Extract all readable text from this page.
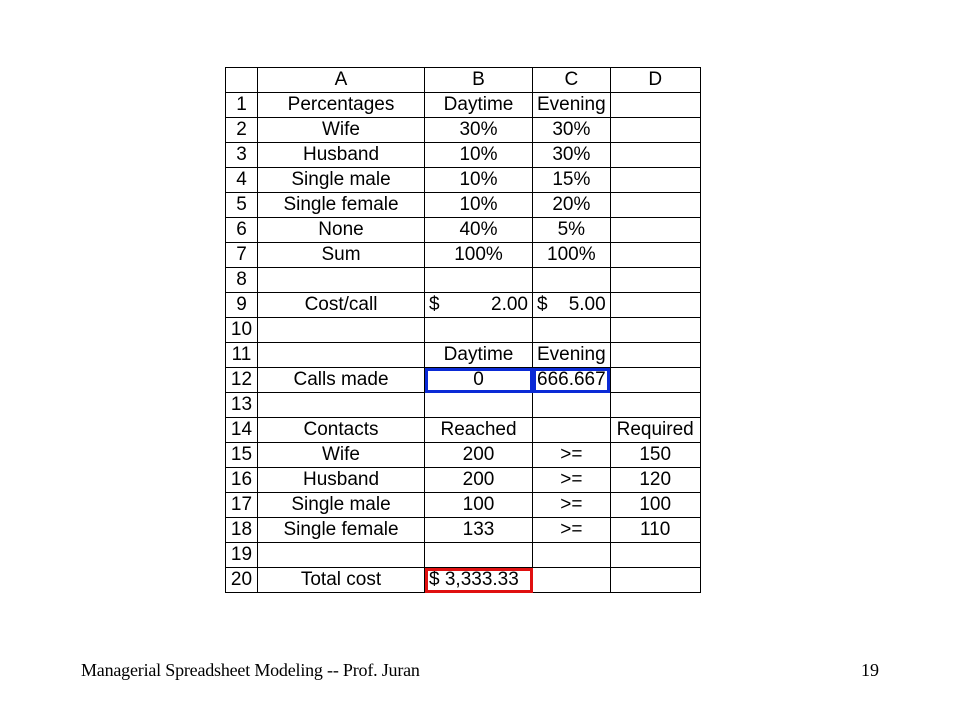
	A	B	C	D
1	Percentages	Daytime	Evening	
2	Wife	30%	30%	
3	Husband	10%	30%	
4	Single male	10%	15%	
5	Single female	10%	20%	
6	None	40%	5%	
7	Sum	100%	100%	
8				
9	Cost/call	$ 2.00	$ 5.00	

10				
11		Daytime	Evening	
12	Calls made	0	666.667	
13				
14	Contacts	Reached		Required
15	Wife	200	>=	150
16	Husband	200	>=	120
17	Single male	100	>=	100
18	Single female	133	>=	110
19				
20	Total cost	$ 3,333.33		
Managerial Spreadsheet Modeling -- Prof. Juran	19
